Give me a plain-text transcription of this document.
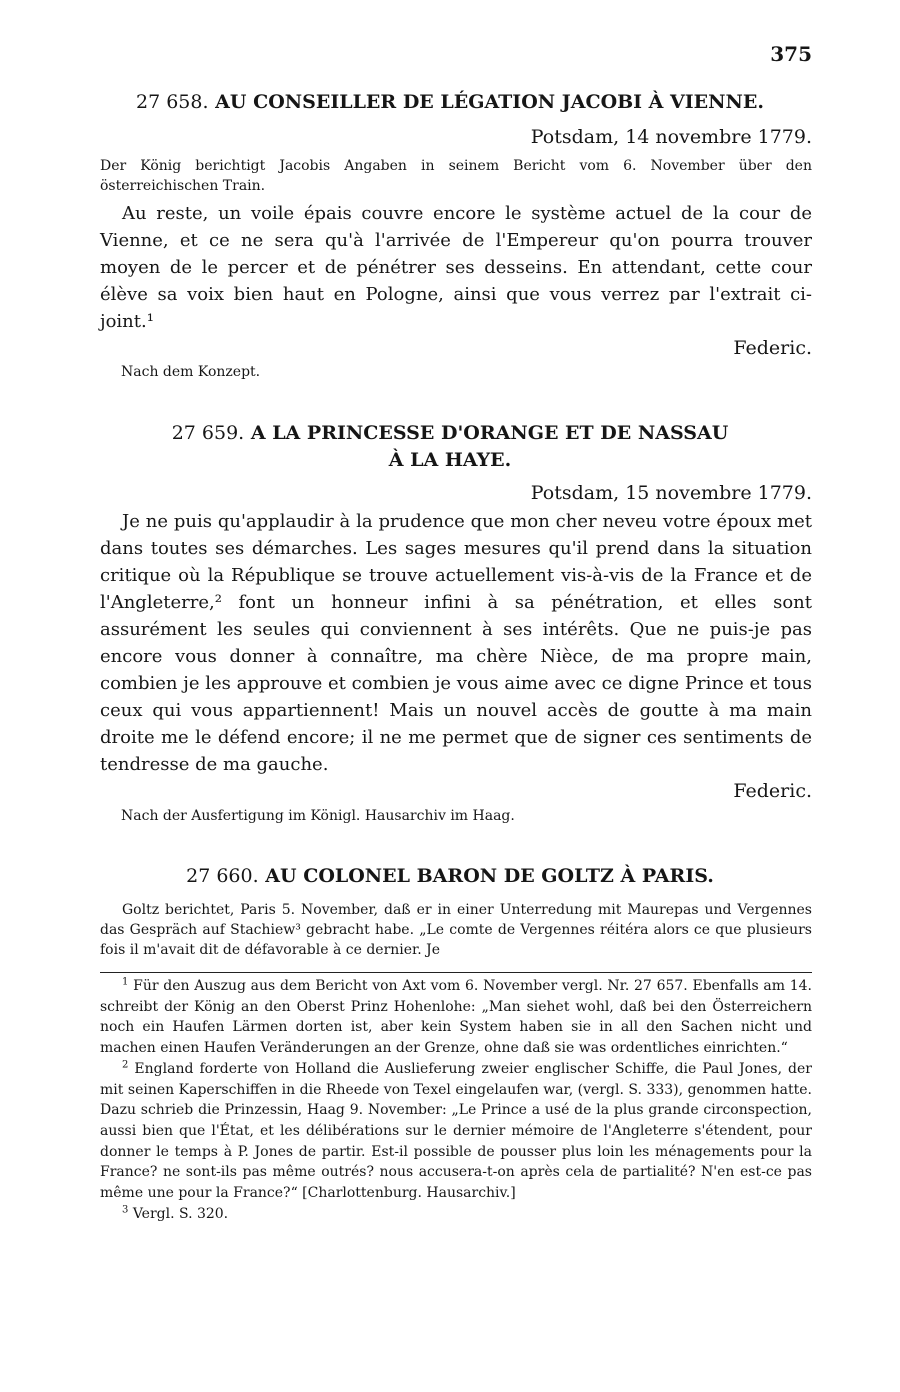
375
27 658. AU CONSEILLER DE LÉGATION JACOBI À VIENNE.
Potsdam, 14 novembre 1779.
Der König berichtigt Jacobis Angaben in seinem Bericht vom 6. November über den österreichischen Train.
Au reste, un voile épais couvre encore le système actuel de la cour de Vienne, et ce ne sera qu'à l'arrivée de l'Empereur qu'on pourra trouver moyen de le percer et de pénétrer ses desseins. En attendant, cette cour élève sa voix bien haut en Pologne, ainsi que vous verrez par l'extrait ci-joint.¹
Federic.
Nach dem Konzept.
27 659. A LA PRINCESSE D'ORANGE ET DE NASSAU
À LA HAYE.
Potsdam, 15 novembre 1779.
Je ne puis qu'applaudir à la prudence que mon cher neveu votre époux met dans toutes ses démarches. Les sages mesures qu'il prend dans la situation critique où la République se trouve actuellement vis-à-vis de la France et de l'Angleterre,² font un honneur infini à sa pénétration, et elles sont assurément les seules qui conviennent à ses intérêts. Que ne puis-je pas encore vous donner à connaître, ma chère Nièce, de ma propre main, combien je les approuve et combien je vous aime avec ce digne Prince et tous ceux qui vous appartiennent! Mais un nouvel accès de goutte à ma main droite me le défend encore; il ne me permet que de signer ces sentiments de tendresse de ma gauche.
Federic.
Nach der Ausfertigung im Königl. Hausarchiv im Haag.
27 660. AU COLONEL BARON DE GOLTZ À PARIS.
Goltz berichtet, Paris 5. November, daß er in einer Unterredung mit Maurepas und Vergennes das Gespräch auf Stachiew³ gebracht habe. „Le comte de Vergennes réitéra alors ce que plusieurs fois il m'avait dit de défavorable à ce dernier. Je

$^1$ Für den Auszug aus dem Bericht von Axt vom 6. November vergl. Nr. 27 657. Ebenfalls am 14. schreibt der König an den Oberst Prinz Hohenlohe: „Man siehet wohl, daß bei den Österreichern noch ein Haufen Lärmen dorten ist, aber kein System haben sie in all den Sachen nicht und machen einen Haufen Veränderungen an der Grenze, ohne daß sie was ordentliches einrichten.“

$^2$ England forderte von Holland die Auslieferung zweier englischer Schiffe, die Paul Jones, der mit seinen Kaperschiffen in die Rheede von Texel eingelaufen war, (vergl. S. 333), genommen hatte. Dazu schrieb die Prinzessin, Haag 9. November: „Le Prince a usé de la plus grande circonspection, aussi bien que l'État, et les délibérations sur le dernier mémoire de l'Angleterre s'étendent, pour donner le temps à P. Jones de partir. Est-il possible de pousser plus loin les ménagements pour la France? ne sont-ils pas même outrés? nous accusera-t-on après cela de partialité? N'en est-ce pas même une pour la France?“ [Charlottenburg. Hausarchiv.]

$^3$ Vergl. S. 320.
